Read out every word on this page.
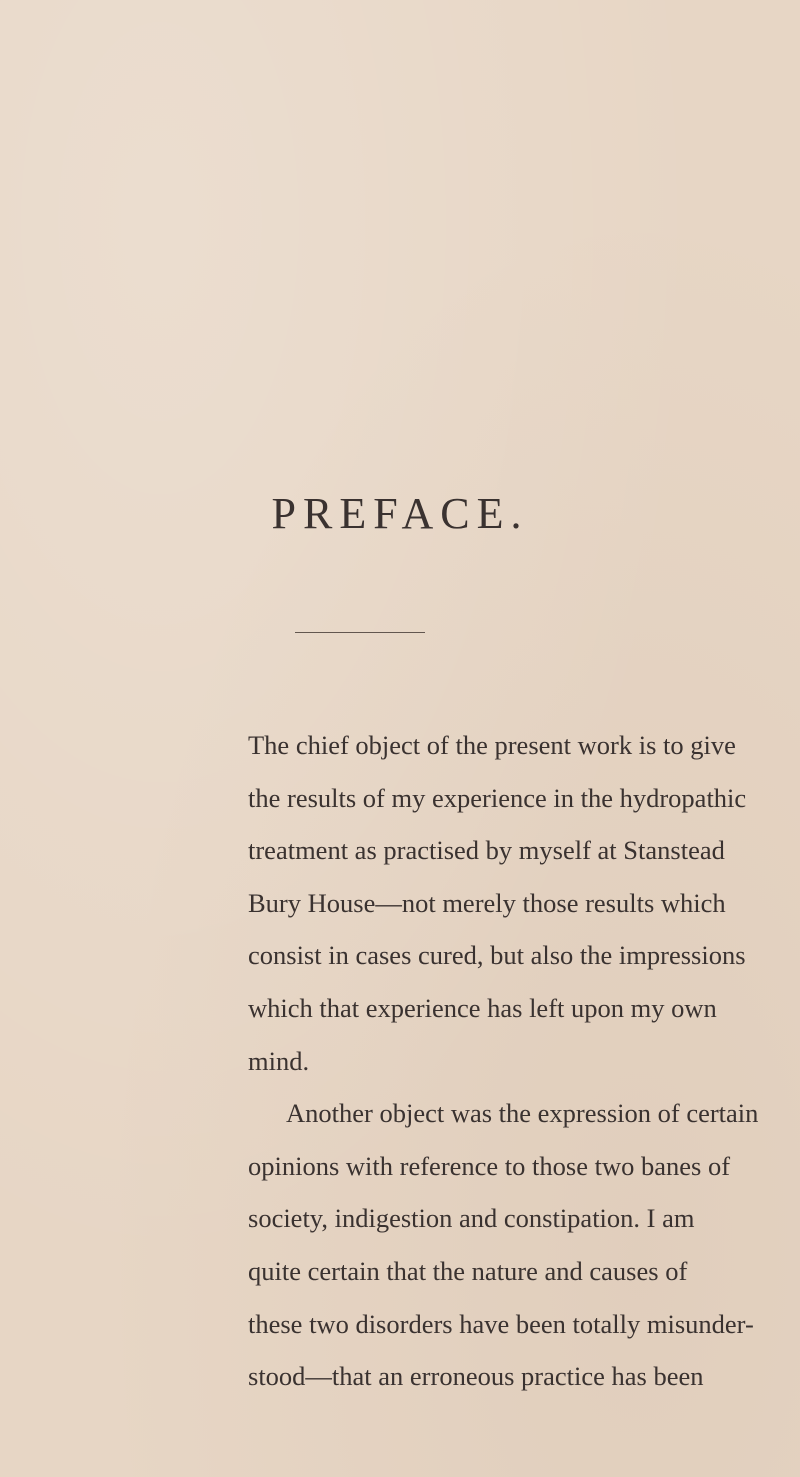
PREFACE.
The chief object of the present work is to give
the results of my experience in the hydropathic
treatment as practised by myself at Stanstead
Bury House—not merely those results which
consist in cases cured, but also the impressions
which that experience has left upon my own
mind.
Another object was the expression of certain
opinions with reference to those two banes of
society, indigestion and constipation. I am
quite certain that the nature and causes of
these two disorders have been totally misunder-
stood—that an erroneous practice has been
